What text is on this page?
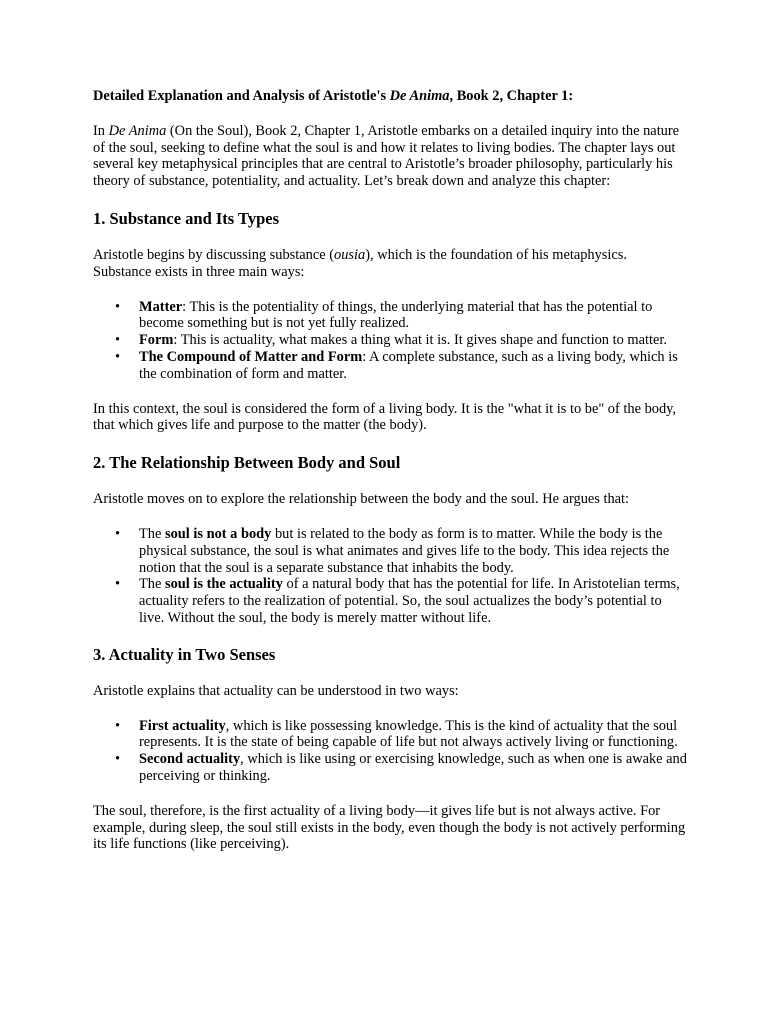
Detailed Explanation and Analysis of Aristotle's De Anima, Book 2, Chapter 1:

In De Anima (On the Soul), Book 2, Chapter 1, Aristotle embarks on a detailed inquiry into the nature of the soul, seeking to define what the soul is and how it relates to living bodies. The chapter lays out several key metaphysical principles that are central to Aristotle’s broader philosophy, particularly his theory of substance, potentiality, and actuality. Let’s break down and analyze this chapter:

1. Substance and Its Types

Aristotle begins by discussing substance (ousia), which is the foundation of his metaphysics. Substance exists in three main ways:

• Matter: This is the potentiality of things, the underlying material that has the potential to become something but is not yet fully realized.
• Form: This is actuality, what makes a thing what it is. It gives shape and function to matter.
• The Compound of Matter and Form: A complete substance, such as a living body, which is the combination of form and matter.

In this context, the soul is considered the form of a living body. It is the "what it is to be" of the body, that which gives life and purpose to the matter (the body).

2. The Relationship Between Body and Soul

Aristotle moves on to explore the relationship between the body and the soul. He argues that:

• The soul is not a body but is related to the body as form is to matter. While the body is the physical substance, the soul is what animates and gives life to the body. This idea rejects the notion that the soul is a separate substance that inhabits the body.
• The soul is the actuality of a natural body that has the potential for life. In Aristotelian terms, actuality refers to the realization of potential. So, the soul actualizes the body’s potential to live. Without the soul, the body is merely matter without life.
3. Actuality in Two Senses

Aristotle explains that actuality can be understood in two ways:

• First actuality, which is like possessing knowledge. This is the kind of actuality that the soul represents. It is the state of being capable of life but not always actively living or functioning.
• Second actuality, which is like using or exercising knowledge, such as when one is awake and perceiving or thinking.

The soul, therefore, is the first actuality of a living body—it gives life but is not always active. For example, during sleep, the soul still exists in the body, even though the body is not actively performing its life functions (like perceiving).
